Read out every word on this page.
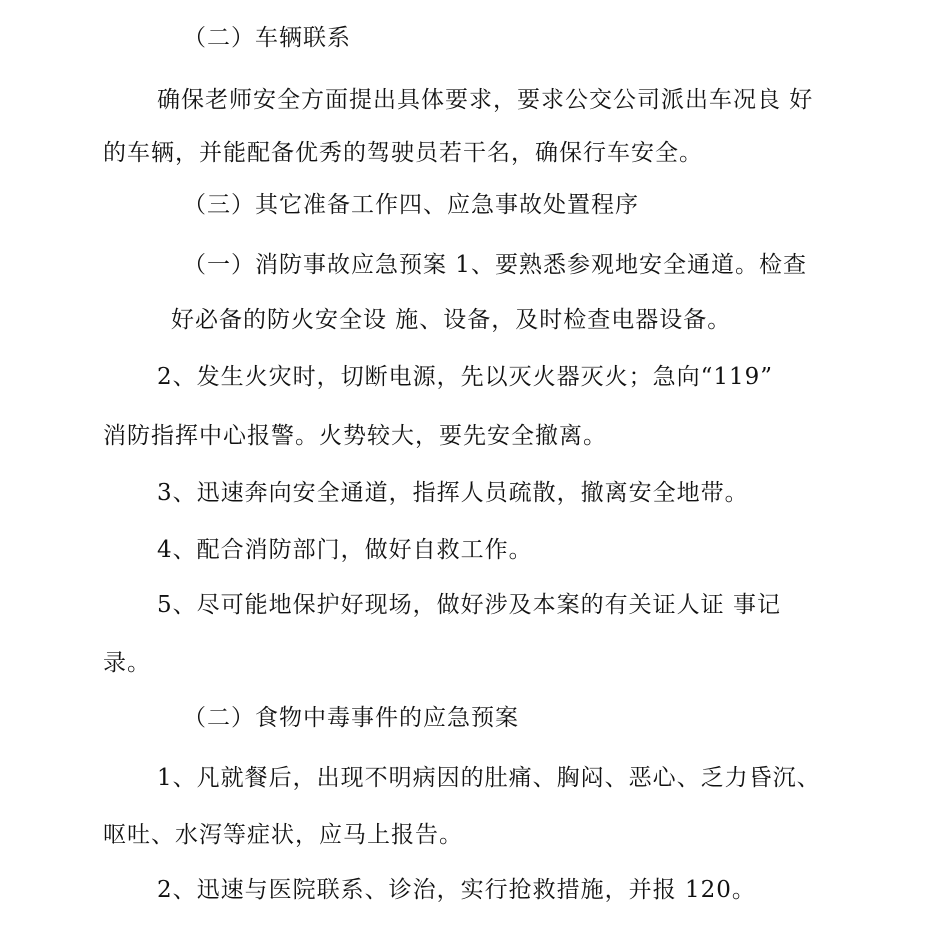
（二）车辆联系
确保老师安全方面提出具体要求，要求公交公司派出车况良 好
的车辆，并能配备优秀的驾驶员若干名，确保行车安全。
（三）其它准备工作四、应急事故处置程序
（一）消防事故应急预案 1、要熟悉参观地安全通道。检查
好必备的防火安全设 施、设备，及时检查电器设备。
2、发生火灾时，切断电源，先以灭火器灭火；急向“119”
消防指挥中心报警。火势较大，要先安全撤离。
3、迅速奔向安全通道，指挥人员疏散，撤离安全地带。
4、配合消防部门，做好自救工作。
5、尽可能地保护好现场，做好涉及本案的有关证人证 事记
录。
（二）食物中毒事件的应急预案
1、凡就餐后，出现不明病因的肚痛、胸闷、恶心、乏力昏沉、
呕吐、水泻等症状，应马上报告。
2、迅速与医院联系、诊治，实行抢救措施，并报 120。
